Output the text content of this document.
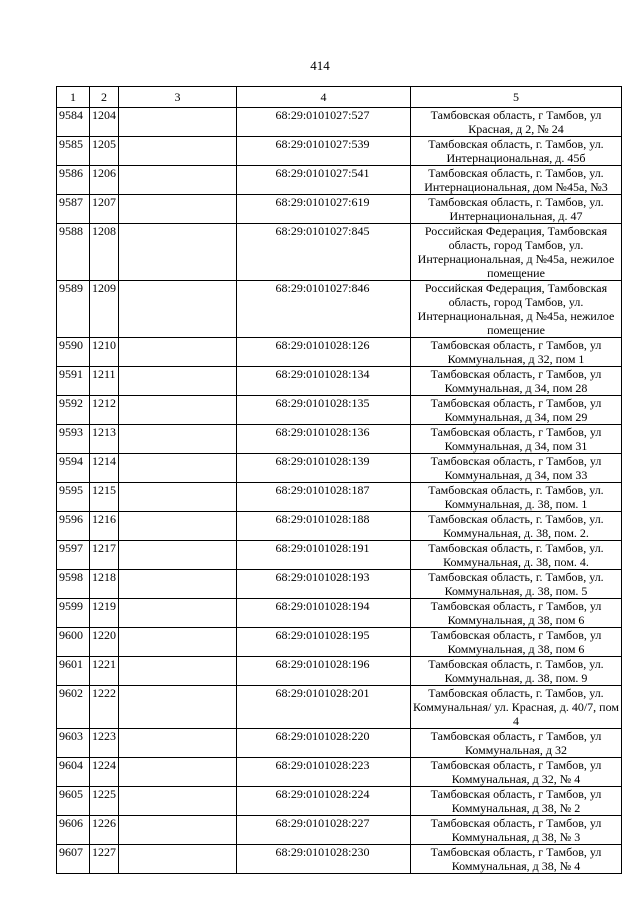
414
1	2	3	4	5
9584	1204		68:29:0101027:527	Тамбовская область, г Тамбов, ул Красная, д 2, № 24
9585	1205		68:29:0101027:539	Тамбовская область, г. Тамбов, ул. Интернациональная, д. 45б
9586	1206		68:29:0101027:541	Тамбовская область, г. Тамбов, ул. Интернациональная, дом №45а, №3
9587	1207		68:29:0101027:619	Тамбовская область, г. Тамбов, ул. Интернациональная, д. 47
9588	1208		68:29:0101027:845	Российская Федерация, Тамбовская область, город Тамбов, ул. Интернациональная, д №45а, нежилое помещение
9589	1209		68:29:0101027:846	Российская Федерация, Тамбовская область, город Тамбов, ул. Интернациональная, д №45а, нежилое помещение
9590	1210		68:29:0101028:126	Тамбовская область, г Тамбов, ул Коммунальная, д 32, пом 1
9591	1211		68:29:0101028:134	Тамбовская область, г Тамбов, ул Коммунальная, д 34, пом 28
9592	1212		68:29:0101028:135	Тамбовская область, г Тамбов, ул Коммунальная, д 34, пом 29
9593	1213		68:29:0101028:136	Тамбовская область, г Тамбов, ул Коммунальная, д 34, пом 31
9594	1214		68:29:0101028:139	Тамбовская область, г Тамбов, ул Коммунальная, д 34, пом 33
9595	1215		68:29:0101028:187	Тамбовская область, г. Тамбов, ул. Коммунальная, д. 38, пом. 1
9596	1216		68:29:0101028:188	Тамбовская область, г. Тамбов, ул. Коммунальная, д. 38, пом. 2.
9597	1217		68:29:0101028:191	Тамбовская область, г. Тамбов, ул. Коммунальная, д. 38, пом. 4.
9598	1218		68:29:0101028:193	Тамбовская область, г. Тамбов, ул. Коммунальная, д. 38, пом. 5
9599	1219		68:29:0101028:194	Тамбовская область, г Тамбов, ул Коммунальная, д 38, пом 6
9600	1220		68:29:0101028:195	Тамбовская область, г Тамбов, ул Коммунальная, д 38, пом 6
9601	1221		68:29:0101028:196	Тамбовская область, г. Тамбов, ул. Коммунальная, д. 38, пом. 9
9602	1222		68:29:0101028:201	Тамбовская область, г. Тамбов, ул. Коммунальная/ ул. Красная, д. 40/7, пом 4
9603	1223		68:29:0101028:220	Тамбовская область, г Тамбов, ул Коммунальная, д 32
9604	1224		68:29:0101028:223	Тамбовская область, г Тамбов, ул Коммунальная, д 32, № 4
9605	1225		68:29:0101028:224	Тамбовская область, г Тамбов, ул Коммунальная, д 38, № 2
9606	1226		68:29:0101028:227	Тамбовская область, г Тамбов, ул Коммунальная, д 38, № 3
9607	1227		68:29:0101028:230	Тамбовская область, г Тамбов, ул Коммунальная, д 38, № 4
